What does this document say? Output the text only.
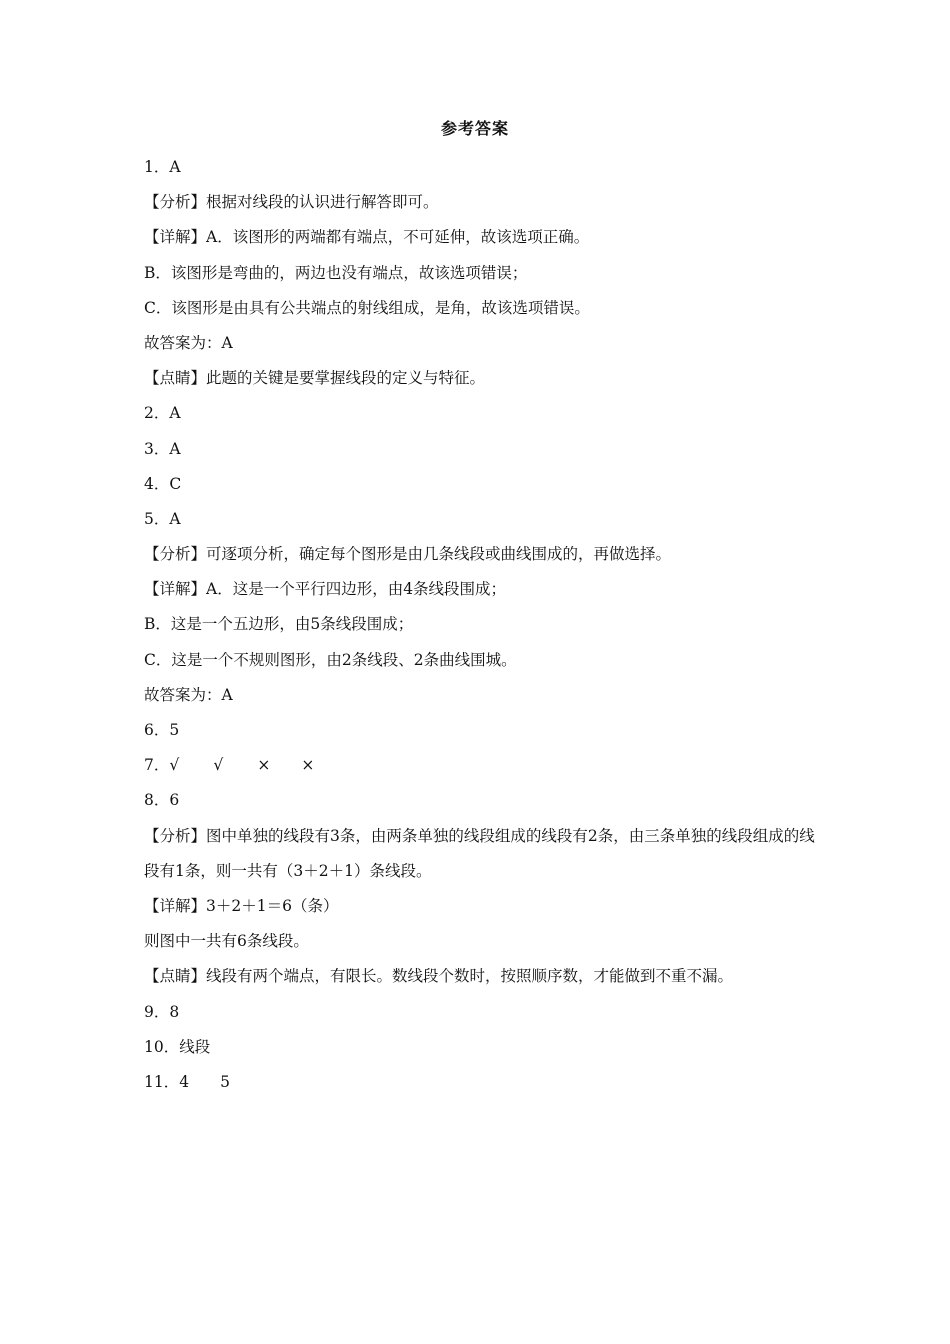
参考答案
1．A
【分析】根据对线段的认识进行解答即可。
【详解】A．该图形的两端都有端点，不可延伸，故该选项正确。
B．该图形是弯曲的，两边也没有端点，故该选项错误；
C．该图形是由具有公共端点的射线组成，是角，故该选项错误。
故答案为：A
【点睛】此题的关键是要掌握线段的定义与特征。
2．A
3．A
4．C
5．A
【分析】可逐项分析，确定每个图形是由几条线段或曲线围成的，再做选择。
【详解】A．这是一个平行四边形，由4条线段围成；
B．这是一个五边形，由5条线段围成；
C．这是一个不规则图形，由2条线段、2条曲线围城。
故答案为：A
6．5
7．√ √ × ×
8．6
【分析】图中单独的线段有3条，由两条单独的线段组成的线段有2条，由三条单独的线段组成的线段有1条，则一共有（3＋2＋1）条线段。
【详解】3＋2＋1＝6（条）
则图中一共有6条线段。
【点睛】线段有两个端点，有限长。数线段个数时，按照顺序数，才能做到不重不漏。
9．8
10．线段
11．4　　5
